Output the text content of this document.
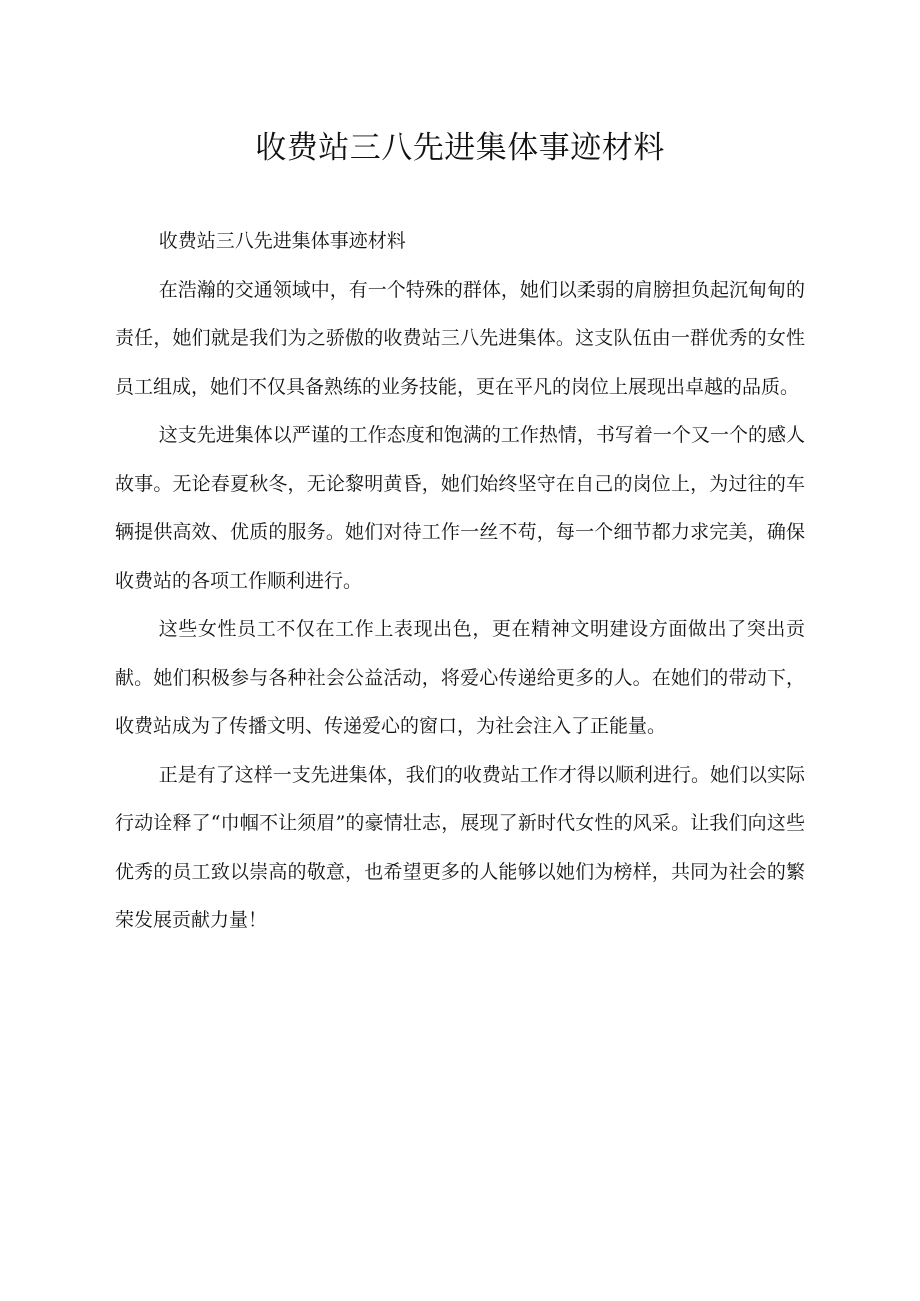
收费站三八先进集体事迹材料

收费站三八先进集体事迹材料

在浩瀚的交通领域中，有一个特殊的群体，她们以柔弱的肩膀担负起沉甸甸的责任，她们就是我们为之骄傲的收费站三八先进集体。这支队伍由一群优秀的女性员工组成，她们不仅具备熟练的业务技能，更在平凡的岗位上展现出卓越的品质。

这支先进集体以严谨的工作态度和饱满的工作热情，书写着一个又一个的感人故事。无论春夏秋冬，无论黎明黄昏，她们始终坚守在自己的岗位上，为过往的车辆提供高效、优质的服务。她们对待工作一丝不苟，每一个细节都力求完美，确保收费站的各项工作顺利进行。

这些女性员工不仅在工作上表现出色，更在精神文明建设方面做出了突出贡献。她们积极参与各种社会公益活动，将爱心传递给更多的人。在她们的带动下，收费站成为了传播文明、传递爱心的窗口，为社会注入了正能量。

正是有了这样一支先进集体，我们的收费站工作才得以顺利进行。她们以实际行动诠释了“巾帼不让须眉”的豪情壮志，展现了新时代女性的风采。让我们向这些优秀的员工致以崇高的敬意，也希望更多的人能够以她们为榜样，共同为社会的繁荣发展贡献力量！
